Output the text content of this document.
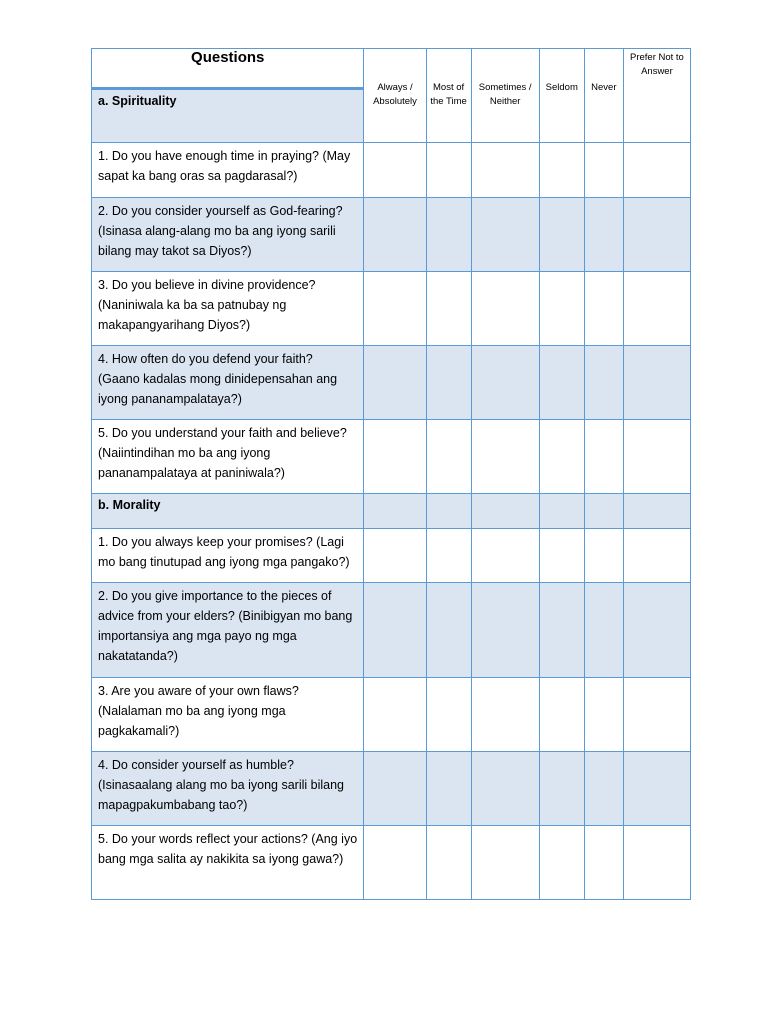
Questions	Always / Absolutely	Most of the Time	Sometimes / Neither	Seldom	Never	Prefer Not to Answer
a. Spirituality						
1. Do you have enough time in praying? (May sapat ka bang oras sa pagdarasal?)						
2. Do you consider yourself as God-fearing? (Isinasa alang-alang mo ba ang iyong sarili bilang may takot sa Diyos?)						
3. Do you believe in divine providence? (Naniniwala ka ba sa patnubay ng makapangyarihang Diyos?)						
4. How often do you defend your faith? (Gaano kadalas mong dinidepensahan ang iyong pananampalataya?)						
5. Do you understand your faith and believe? (Naiintindihan mo ba ang iyong pananampalataya at paniniwala?)						
b. Morality						
1. Do you always keep your promises? (Lagi mo bang tinutupad ang iyong mga pangako?)						
2. Do you give importance to the pieces of advice from your elders? (Binibigyan mo bang importansiya ang mga payo ng mga nakatatanda?)						
3. Are you aware of your own flaws? (Nalalaman mo ba ang iyong mga pagkakamali?)						
4. Do consider yourself as humble? (Isinasaalang alang mo ba iyong sarili bilang mapagpakumbabang tao?)						
5. Do your words reflect your actions? (Ang iyo bang mga salita ay nakikita sa iyong gawa?)						
